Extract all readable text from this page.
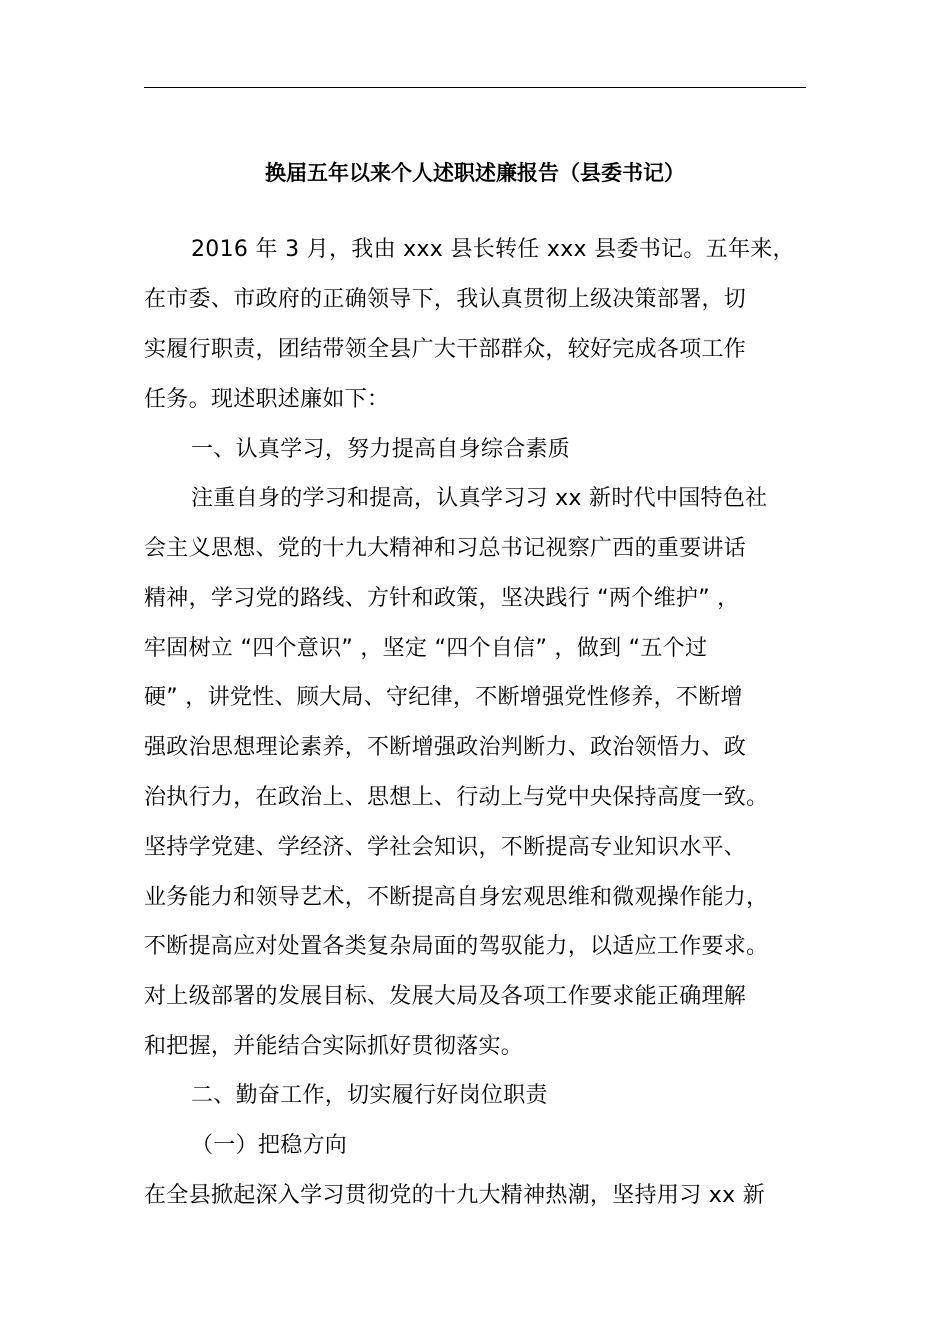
换届五年以来个人述职述廉报告（县委书记）
2016 年 3 月，我由 xxx 县长转任 xxx 县委书记。五年来，
在市委、市政府的正确领导下，我认真贯彻上级决策部署，切
实履行职责，团结带领全县广大干部群众，较好完成各项工作
任务。现述职述廉如下：
一、认真学习，努力提高自身综合素质
注重自身的学习和提高，认真学习习 xx 新时代中国特色社
会主义思想、党的十九大精神和习总书记视察广西的重要讲话
精神，学习党的路线、方针和政策，坚决践行 “两个维护” ，
牢固树立 “四个意识” ，坚定 “四个自信” ，做到 “五个过
硬” ，讲党性、顾大局、守纪律，不断增强党性修养，不断增
强政治思想理论素养，不断增强政治判断力、政治领悟力、政
治执行力，在政治上、思想上、行动上与党中央保持高度一致。
坚持学党建、学经济、学社会知识，不断提高专业知识水平、
业务能力和领导艺术，不断提高自身宏观思维和微观操作能力，
不断提高应对处置各类复杂局面的驾驭能力，以适应工作要求。
对上级部署的发展目标、发展大局及各项工作要求能正确理解
和把握，并能结合实际抓好贯彻落实。
二、勤奋工作，切实履行好岗位职责
（一）把稳方向
在全县掀起深入学习贯彻党的十九大精神热潮，坚持用习 xx 新
